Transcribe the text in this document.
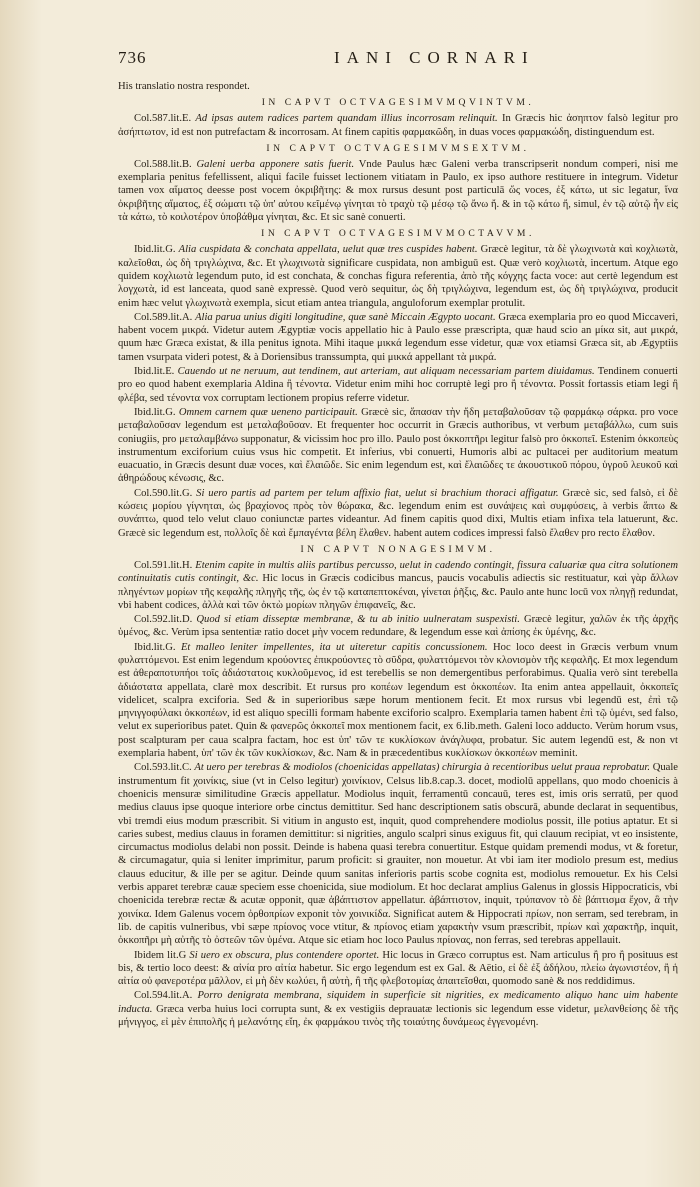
736	IANI CORNARI

His translatio nostra respondet.

IN CAPVT OCTVAGESIMVMQVINTVM.

Col.587.lit.E. Ad ipsas autem radices partem quandam illius incorrosam relinquit. In Græcis hic ἀσηπτον falsò legitur pro ἀσήπτωτον, id est non putrefactam & incorrosam. At finem capitis φαρμακῶδη, in duas voces φαρμακώδη, distinguendum est.

IN CAPVT OCTVAGESIMVMSEXTVM.

Col.588.lit.B. Galeni uerba apponere satis fuerit. Vnde Paulus hæc Galeni verba transcripserit nondum comperi, nisi me exemplaria penitus fefellissent, aliqui facile fuisset lectionem vitiatam in Paulo, ex ipso authore restituere in integrum. Videtur tamen vox αἵματος deesse post vocem ὀκριβῆτης: & mox rursus desunt post particulā ὥς voces, ἐξ κάτω, ut sic legatur, ἵνα ὀκριβῆτης αἵματος, ἐξ σώματι τῷ ὑπ' αὐτου κεῖμένῳ γίνηται τὸ τραχὺ τῷ μέσῳ τῷ ἄνω ἤ. & in τῷ κάτω ἤ, simul, ἐν τῷ αὐτῷ ἦν εἰς τὰ κάτω, τὸ κοιλοτέρον ὑποβάθμα γίνηται, &c. Et sic sanè conuerti.

IN CAPVT OCTVAGESIMVMOCTAVVM.

Ibid.lit.G. Alia cuspidata & conchata appellata, uelut quæ tres cuspides habent. Græcè legitur, τὰ δὲ γλωχινωτὰ καὶ κοχλιωτὰ, καλεῖοθαι, ὡς δὴ τριγλώχινα, &c. Et γλωχινωτὰ significare cuspidata, non ambiguū est. Quæ verò κοχλιωτὰ, incertum. Atque ego quidem κοχλιωτὰ legendum puto, id est conchata, & conchas figura referentia, ἀπὸ τῆς κόγχης facta voce: aut certè legendum est λογχωτὰ, id est lanceata, quod sanè expressè. Quod verò sequitur, ὡς δὴ τριγλώχινα, legendum est, ὡς δὴ τριγλώχινα, producit enim hæc velut γλωχινωτὰ exempla, sicut etiam antea triangula, anguloforum exemplar protulit.

Col.589.lit.A. Alia parua unius digiti longitudine, quæ sanè Miccain Ægypto uocant. Græca exemplaria pro eo quod Miccaveri, habent vocem μικρά. Videtur autem Ægyptiæ vocis appellatio hic à Paulo esse præscripta, quæ haud scio an μίκα sit, aut μικρά, quum hæc Græca existat, & illa penitus ignota. Mihi itaque μικκά legendum esse videtur, quæ vox etiamsi Græca sit, ab Ægyptiis tamen vsurpata videri potest, & à Doriensibus transsumpta, qui μικκά appellant τὰ μικρά.

Ibid.lit.E. Cauendo ut ne neruum, aut tendinem, aut arteriam, aut aliquam necessariam partem diuidamus. Tendinem conuerti pro eo quod habent exemplaria Aldina ἢ τένοντα. Videtur enim mihi hoc corruptè legi pro ἢ τένοντα. Possit fortassis etiam legi ἢ φλέβα, sed τένοντα vox corruptam lectionem propius referre videtur.

Ibid.lit.G. Omnem carnem quæ ueneno participauit. Græcè sic, ἅπασαν τὴν ἤδη μεταβαλοῦσαν τῷ φαρμάκῳ σάρκα. pro voce μεταβαλοῦσαν legendum est μεταλαβοῦσαν. Et frequenter hoc occurrit in Græcis authoribus, vt verbum μεταβάλλω, cum suis coniugiis, pro μεταλαμβάνω supponatur, & vicissim hoc pro illo. Paulo post ὀκκοπτῆρι legitur falsò pro ὀκκοπεῖ. Estenim ὀκκοπεὺς instrumentum exciforium cuius vsus hic competit. Et inferius, vbi conuerti, Humoris albi ac pultacei per auditorium meatum euacuatio, in Græcis desunt duæ voces, καὶ ἔλαιῶδε. Sic enim legendum est, καὶ ἔλαιῶδες τε ἀκουστικοῦ πόρου, ὑγροῦ λευκοῦ καὶ ἀθηρώδους κένωσις, &c.

Col.590.lit.G. Si uero partis ad partem per telum affixio fiat, uelut si brachium thoraci affigatur. Græcè sic, sed falsò, εἰ δὲ κώσεις μορίου γίγνηται, ὡς βραχίονος πρὸς τὸν θώρακα, &c. legendum enim est συνάψεις καὶ συμφύσεις, à verbis ἅπτω & συνάπτω, quod telo velut clauo coniunctæ partes videantur. Ad finem capitis quod dixi, Multis etiam infixa tela latuerunt, &c. Græcè sic legendum est, πολλοῖς δὲ καὶ ἔμπαγέντα βέλη ἔλαθεν. habent autem codices impressi falsò ἔλαθεν pro recto ἔλαθον.

IN CAPVT NONAGESIMVM.

Col.591.lit.H. Etenim capite in multis aliis partibus percusso, uelut in cadendo contingit, fissura caluariæ qua citra solutionem continuitatis cutis contingit, &c. Hic locus in Græcis codicibus mancus, paucis vocabulis adiectis sic restituatur, καὶ γὰρ ἄλλων πληγέντων μορίων τῆς κεφαλῆς πληγῆς τῆς, ὡς ἐν τῷ καταπεπτοκέναι, γίνεται ῥῆξις, &c. Paulo ante hunc locū vox πληγῇ redundat, vbi habent codices, ἀλλὰ καὶ τῶν ὀκτὼ μορίων πληγῶν ἐπιφανεῖς, &c.

Col.592.lit.D. Quod si etiam disseptæ membranæ, & tu ab initio uulneratam suspexisti. Græcè legitur, χαλῶν ἐκ τῆς ἀρχῆς ὑμένος, &c. Verùm ipsa sententiæ ratio docet μὴν vocem redundare, & legendum esse καὶ ἀπίσης ἐκ ὑμένης, &c.

Ibid.lit.G. Et malleo leniter impellentes, ita ut uiteretur capitis concussionem. Hoc loco deest in Græcis verbum vnum φυλαττόμενοι. Est enim legendum κρούοντες ἐπικρούοντες τὸ σῦδρα, φυλαττόμενοι τὸν κλονισμὸν τῆς κεφαλῆς. Et mox legendum est ἀθεραποτυπήοι τοῖς ἀδιάστατοις κυκλοῦμενος, id est terebellis se non demergentibus perforabimus. Qualia verò sint terebella ἀδιάστατα appellata, clarè mox describit. Et rursus pro κοπέων legendum est ὀκκοπέων. Ita enim antea appellauit, ὀκκοπεῖς videlicet, scalpra exciforia. Sed & in superioribus sæpe horum mentionem fecit. Et mox rursus vbi legendū est, ἐπὶ τῷ μηνιγγοφύλακι ὀκκοπέων, id est aliquo specilli formam habente exciforio scalpro. Exemplaria tamen habent ἐπὶ τῷ ὑμένι, sed falso, velut ex superioribus patet. Quin & φανερῶς ὀκκοπεῖ mox mentionem facit, ex 6.lib.meth. Galeni loco adducto. Verùm horum vsus, post scalpturam per caua scalpra factam, hoc est ὑπ' τῶν τε κυκλίσκων ἀνάγλυφα, probatur. Sic autem legendū est, & non vt exemplaria habent, ὑπ' τῶν ἐκ τῶν κυκλίσκων, &c. Nam & in præcedentibus κυκλίσκων ὀκκοπέων meminit.

Col.593.lit.C. At uero per terebras & modiolos (choenicidas appellatas) chirurgia à recentioribus uelut praua reprobatur. Quale instrumentum fit χοινίκις, siue (vt in Celso legitur) χοινίκιον, Celsus lib.8.cap.3. docet, modiolū appellans, quo modo choenicis à choenicis mensuræ similitudine Græcis appellatur. Modiolus inquit, ferramentū concauū, teres est, imis oris serratū, per quod medius clauus ipse quoque interiore orbe cinctus demittitur. Sed hanc descriptionem satis obscurā, abunde declarat in sequentibus, vbi tremdi eius modum præscribit. Si vitium in angusto est, inquit, quod comprehendere modiolus possit, ille potius aptatur. Et si caries subest, medius clauus in foramen demittitur: si nigrities, angulo scalpri sinus exiguus fit, qui clauum recipiat, vt eo insistente, circumactus modiolus delabi non possit. Deinde is habena quasi terebra conuertitur. Estque quidam premendi modus, vt & foretur, & circumagatur, quia si leniter imprimitur, parum proficit: si grauiter, non mouetur. At vbi iam iter modiolo presum est, medius clauus educitur, & ille per se agitur. Deinde quum sanitas inferioris partis scobe cognita est, modiolus remouetur. Ex his Celsi verbis apparet terebræ cauæ speciem esse choenicida, siue modiolum. Et hoc declarat amplius Galenus in glossis Hippocraticis, vbi choenicida terebræ rectæ & acutæ opponit, quæ ἀβάπτιστον appellatur. ἀβάπτιστον, inquit, τρύπανον τὸ δὲ βάπτισμα ἔχον, ἃ τὴν χοινίκα. Idem Galenus vocem ὀρθοπρίων exponit τὸν χοινικίδα. Significat autem & Hippocrati πρίων, non serram, sed terebram, in lib. de capitis vulneribus, vbi sæpe πρίονος voce vtitur, & πρίονος etiam χαρακτὴν vsum præscribit, πρίων καὶ χαρακτῆρ, inquit, ὀκκοπῆρι μὴ αὐτῆς τὸ ὀστεῶν τῶν ὑμένα. Atque sic etiam hoc loco Paulus πρίονας, non ferras, sed terebras appellauit.

Ibidem lit.G Si uero ex obscura, plus contendere oportet. Hic locus in Græco corruptus est. Nam articulus ἢ pro ἢ posituus est bis, & tertio loco deest: & αἰνία pro αἰτία habetur. Sic ergo legendum est ex Gal. & Aëtio, εἰ δὲ ἐξ ἀδήλου, πλείω ἀγωνιστέον, ἢ ἡ αἰτία οὐ φανεροτέρα μᾶλλον, εἰ μὴ δὲν κωλύει, ἢ αὐτὴ, ἢ τῆς φλεβοτομίας ἀπαιτεῖσθαι, quomodo sanè & nos reddidimus.

Col.594.lit.A. Porro denigrata membrana, siquidem in superficie sit nigrities, ex medicamento aliquo hanc uim habente inducta. Græca verba huius loci corrupta sunt, & ex vestigiis deprauatæ lectionis sic legendum esse videtur, μελανθείσης δὲ τῆς μήνιγγος, εἰ μὲν ἐπιπολῆς ἡ μελανότης εἴη, ἐκ φαρμάκου τινὸς τῆς τοιαύτης δυνάμεως ἐγγενομένη.
